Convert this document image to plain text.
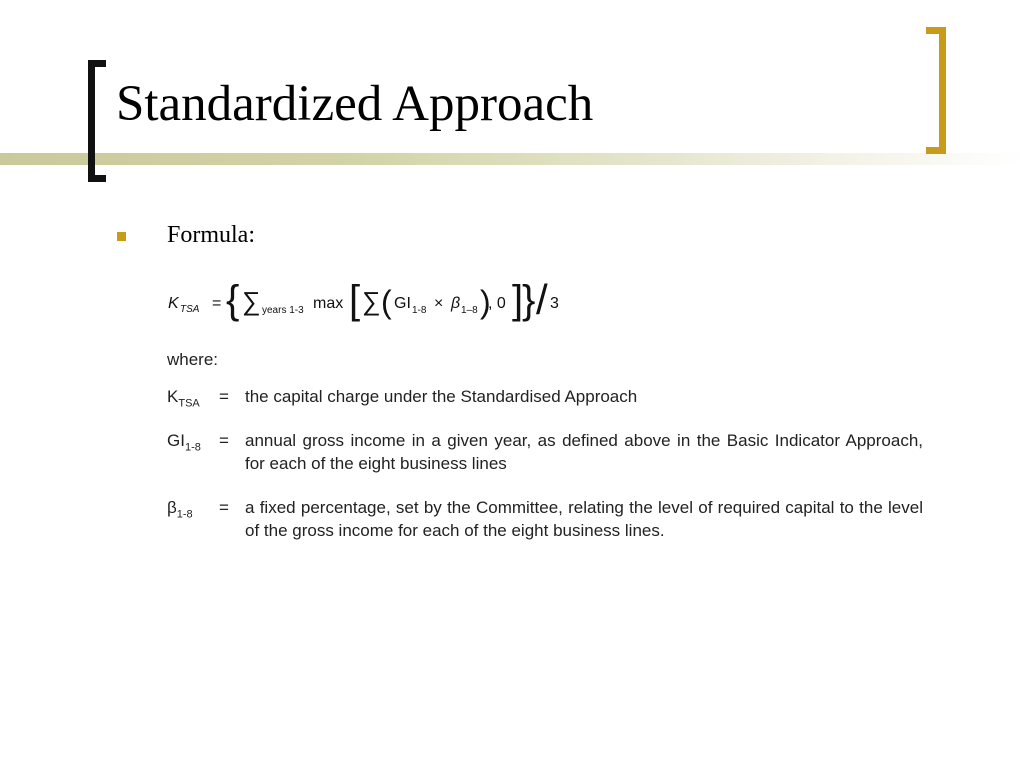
Standardized Approach
Formula:
K TSA = { ∑ years 1-3 max [ ∑ ( GI 1-8 × β 1–8 )
, 0 ]
} / 3
where:
$K_{TSA}$	= the capital charge under the Standardised Approach
$GI_{1-8}$	= annual gross income in a given year, as defined above in the Basic Indicator Approach, for each of the eight business lines
$\beta_{1-8}$	= a fixed percentage, set by the Committee, relating the level of required capital to the level of the gross income for each of the eight business lines.
